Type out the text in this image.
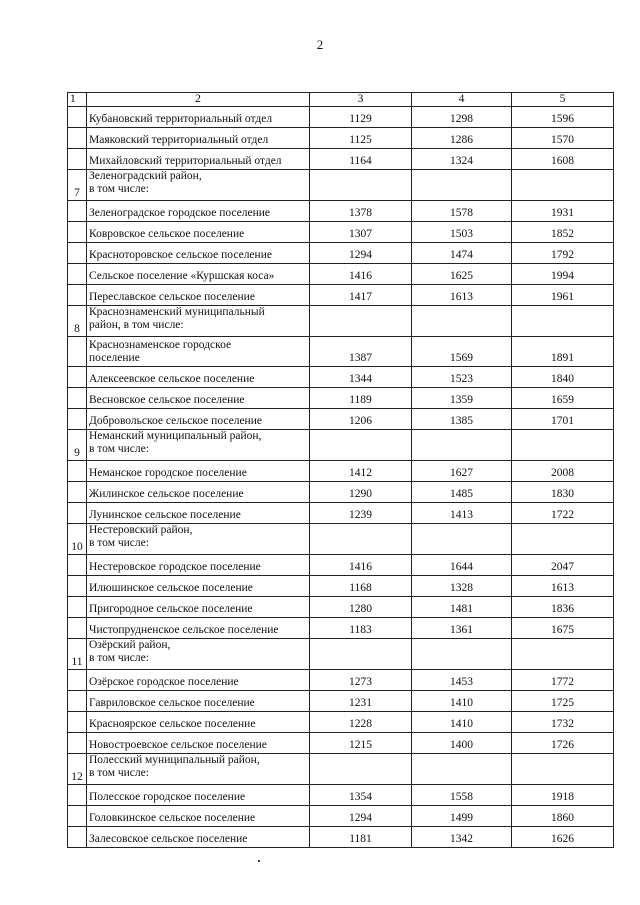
2
1	2	3	4	5
	Кубановский территориальный отдел	1129	1298	1596
	Маяковский территориальный отдел	1125	1286	1570
	Михайловский территориальный отдел	1164	1324	1608
7	Зеленоградский район,
в том числе:			
	Зеленоградское городское поселение	1378	1578	1931
	Ковровское сельское поселение	1307	1503	1852
	Красноторовское сельское поселение	1294	1474	1792
	Сельское поселение «Куршская коса»	1416	1625	1994
	Переславское сельское поселение	1417	1613	1961
8	Краснознаменский муниципальный
район, в том числе:			
	Краснознаменское городское
поселение	1387	1569	1891
	Алексеевское сельское поселение	1344	1523	1840
	Весновское сельское поселение	1189	1359	1659
	Добровольское сельское поселение	1206	1385	1701
9	Неманский муниципальный район,
в том числе:			
	Неманское городское поселение	1412	1627	2008
	Жилинское сельское поселение	1290	1485	1830
	Лунинское сельское поселение	1239	1413	1722
10	Нестеровский район,
в том числе:			
	Нестеровское городское поселение	1416	1644	2047
	Илюшинское сельское поселение	1168	1328	1613
	Пригородное сельское поселение	1280	1481	1836
	Чистопрудненское сельское поселение	1183	1361	1675
11	Озёрский район,
в том числе:			
	Озёрское городское поселение	1273	1453	1772
	Гавриловское сельское поселение	1231	1410	1725
	Красноярское сельское поселение	1228	1410	1732
	Новостроевское сельское поселение	1215	1400	1726
12	Полесский муниципальный район,
в том числе:			
	Полесское городское поселение	1354	1558	1918
	Головкинское сельское поселение	1294	1499	1860
	Залесовское сельское поселение	1181	1342	1626
